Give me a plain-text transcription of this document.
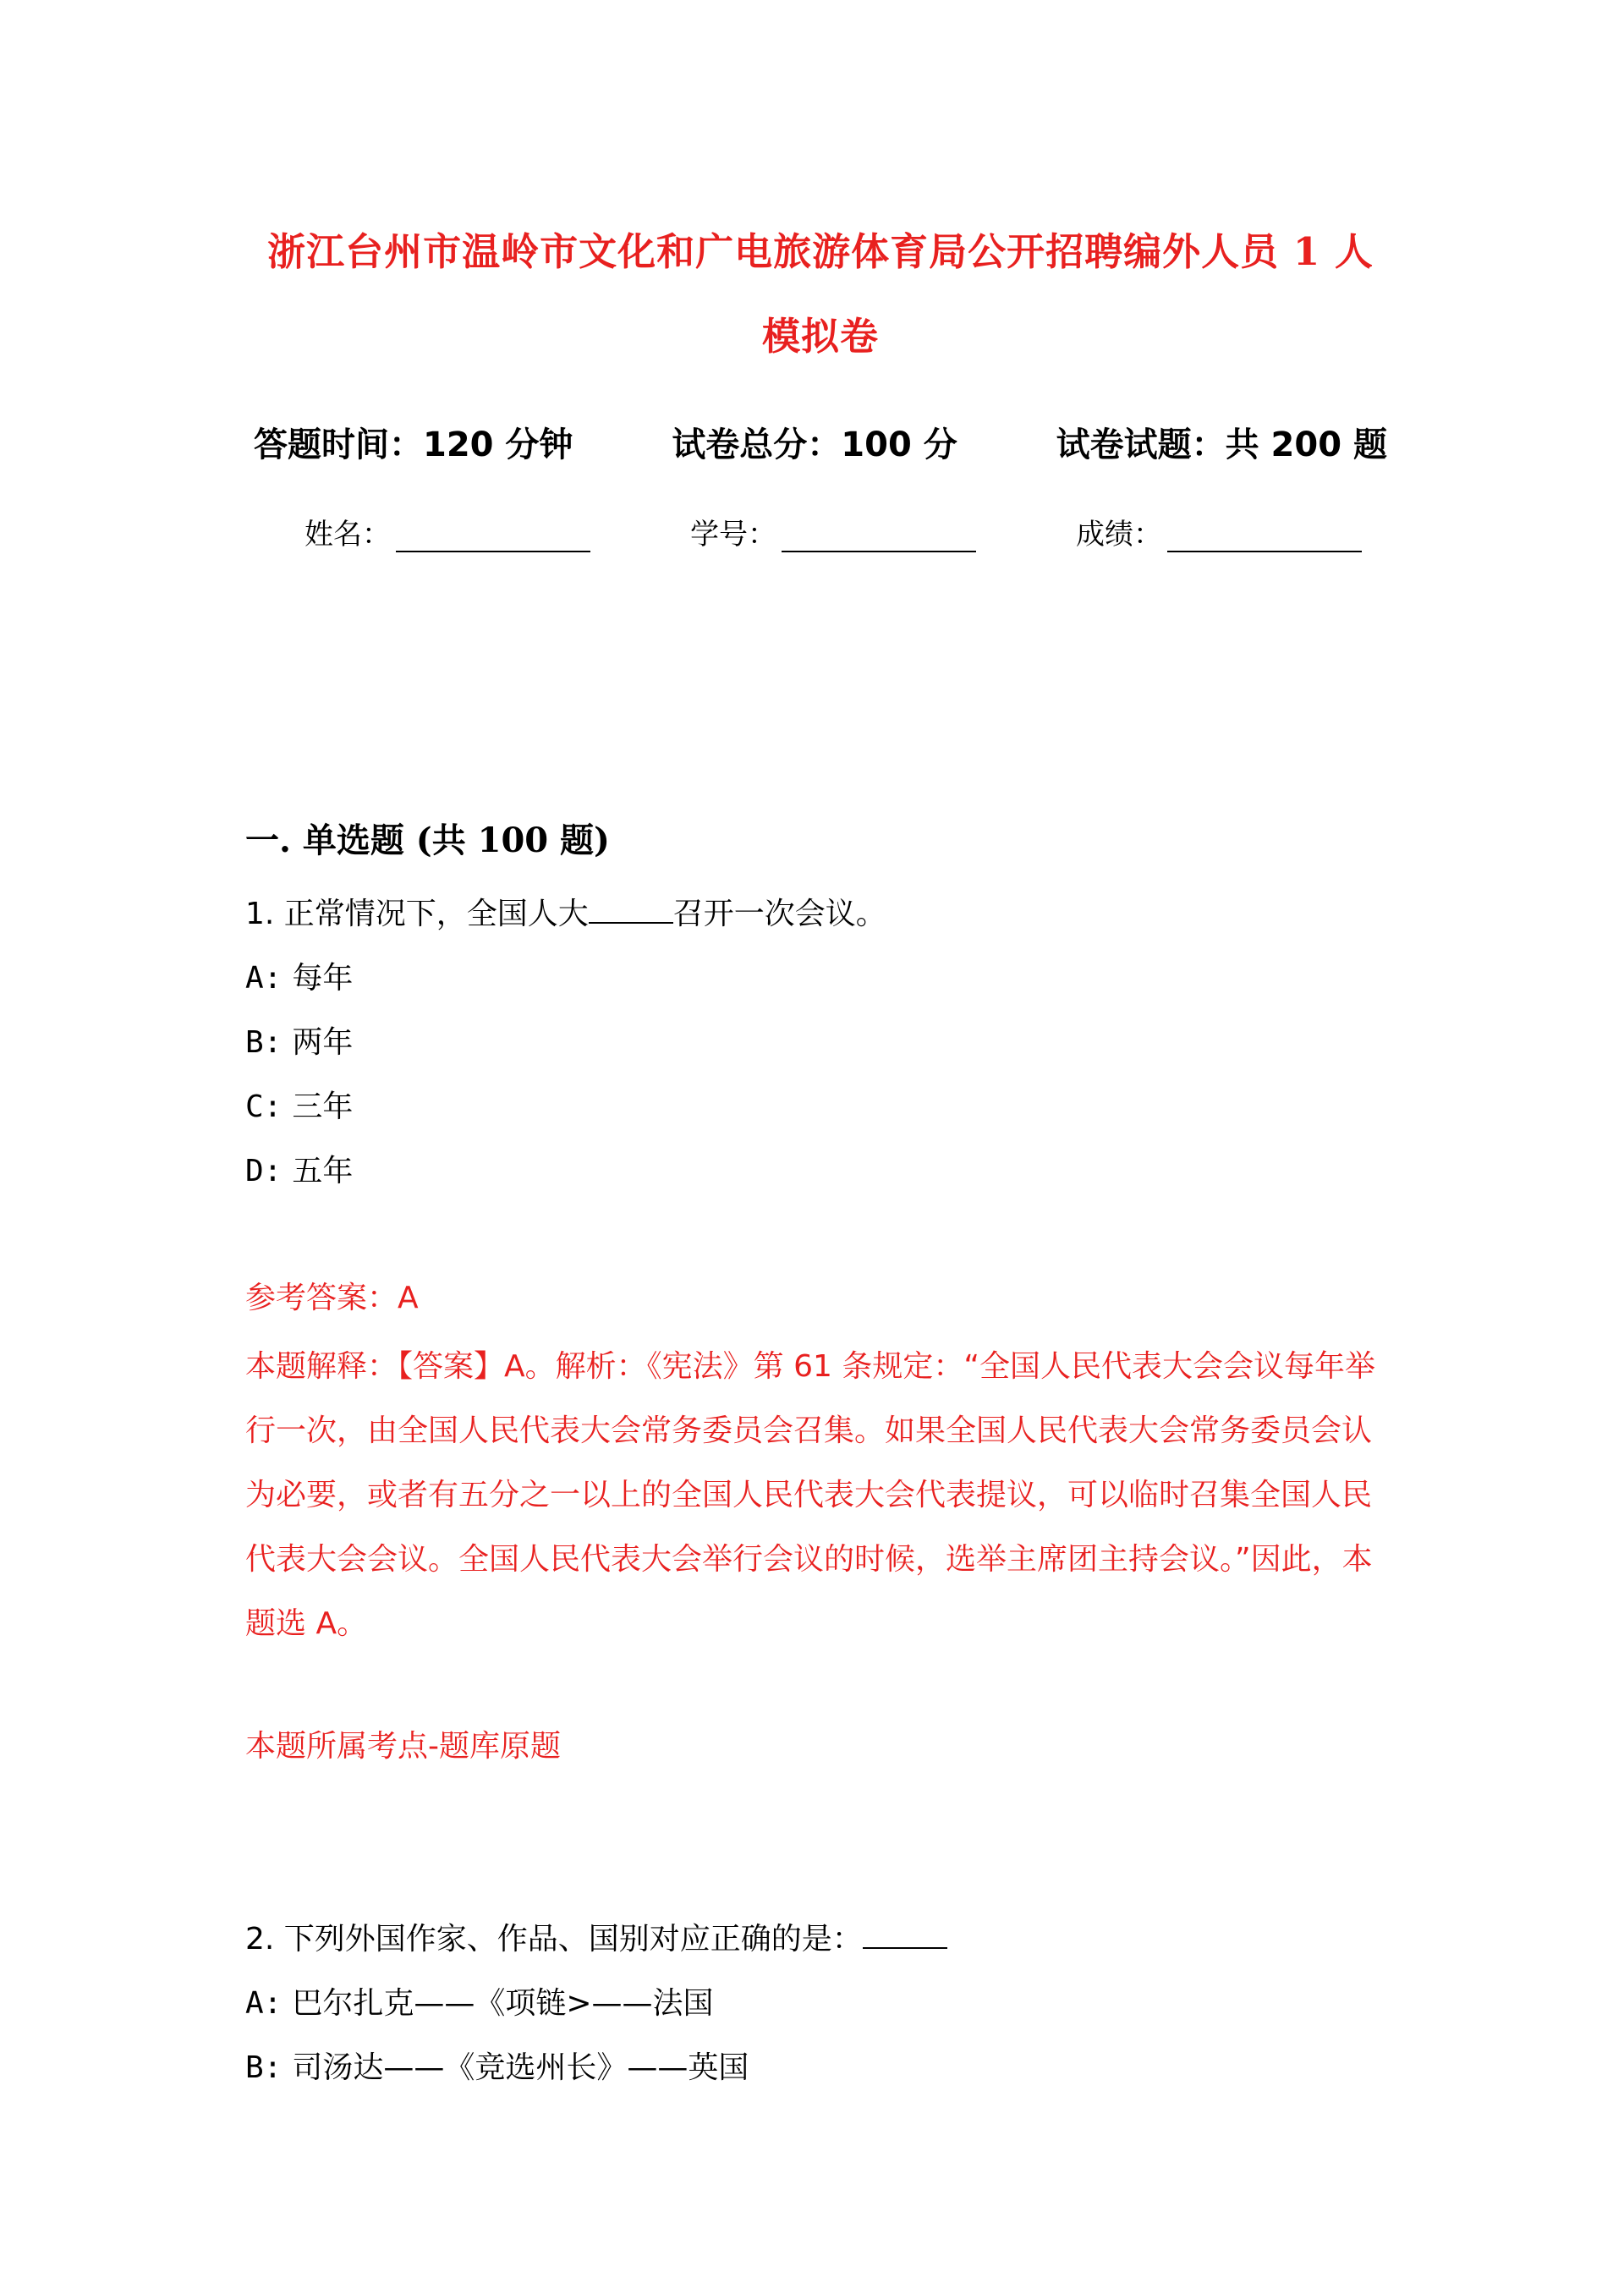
浙江台州市温岭市文化和广电旅游体育局公开招聘编外人员 1 人模拟卷
答题时间：120 分钟	试卷总分：100 分	试卷试题：共 200 题
姓名：	学号：	成绩：
一. 单选题 (共 100 题)
1. 正常情况下，全国人大	召开一次会议。
A: 每年
B: 两年
C: 三年
D: 五年
参考答案：A
本题解释：【答案】A。解析：《宪法》第 61 条规定：“全国人民代表大会会议每年举行一次，由全国人民代表大会常务委员会召集。如果全国人民代表大会常务委员会认为必要，或者有五分之一以上的全国人民代表大会代表提议，可以临时召集全国人民代表大会会议。全国人民代表大会举行会议的时候，选举主席团主持会议。”因此，本题选 A。
本题所属考点-题库原题
2. 下列外国作家、作品、国别对应正确的是：
A: 巴尔扎克——《项链>——法国
B: 司汤达——《竞选州长》——英国
